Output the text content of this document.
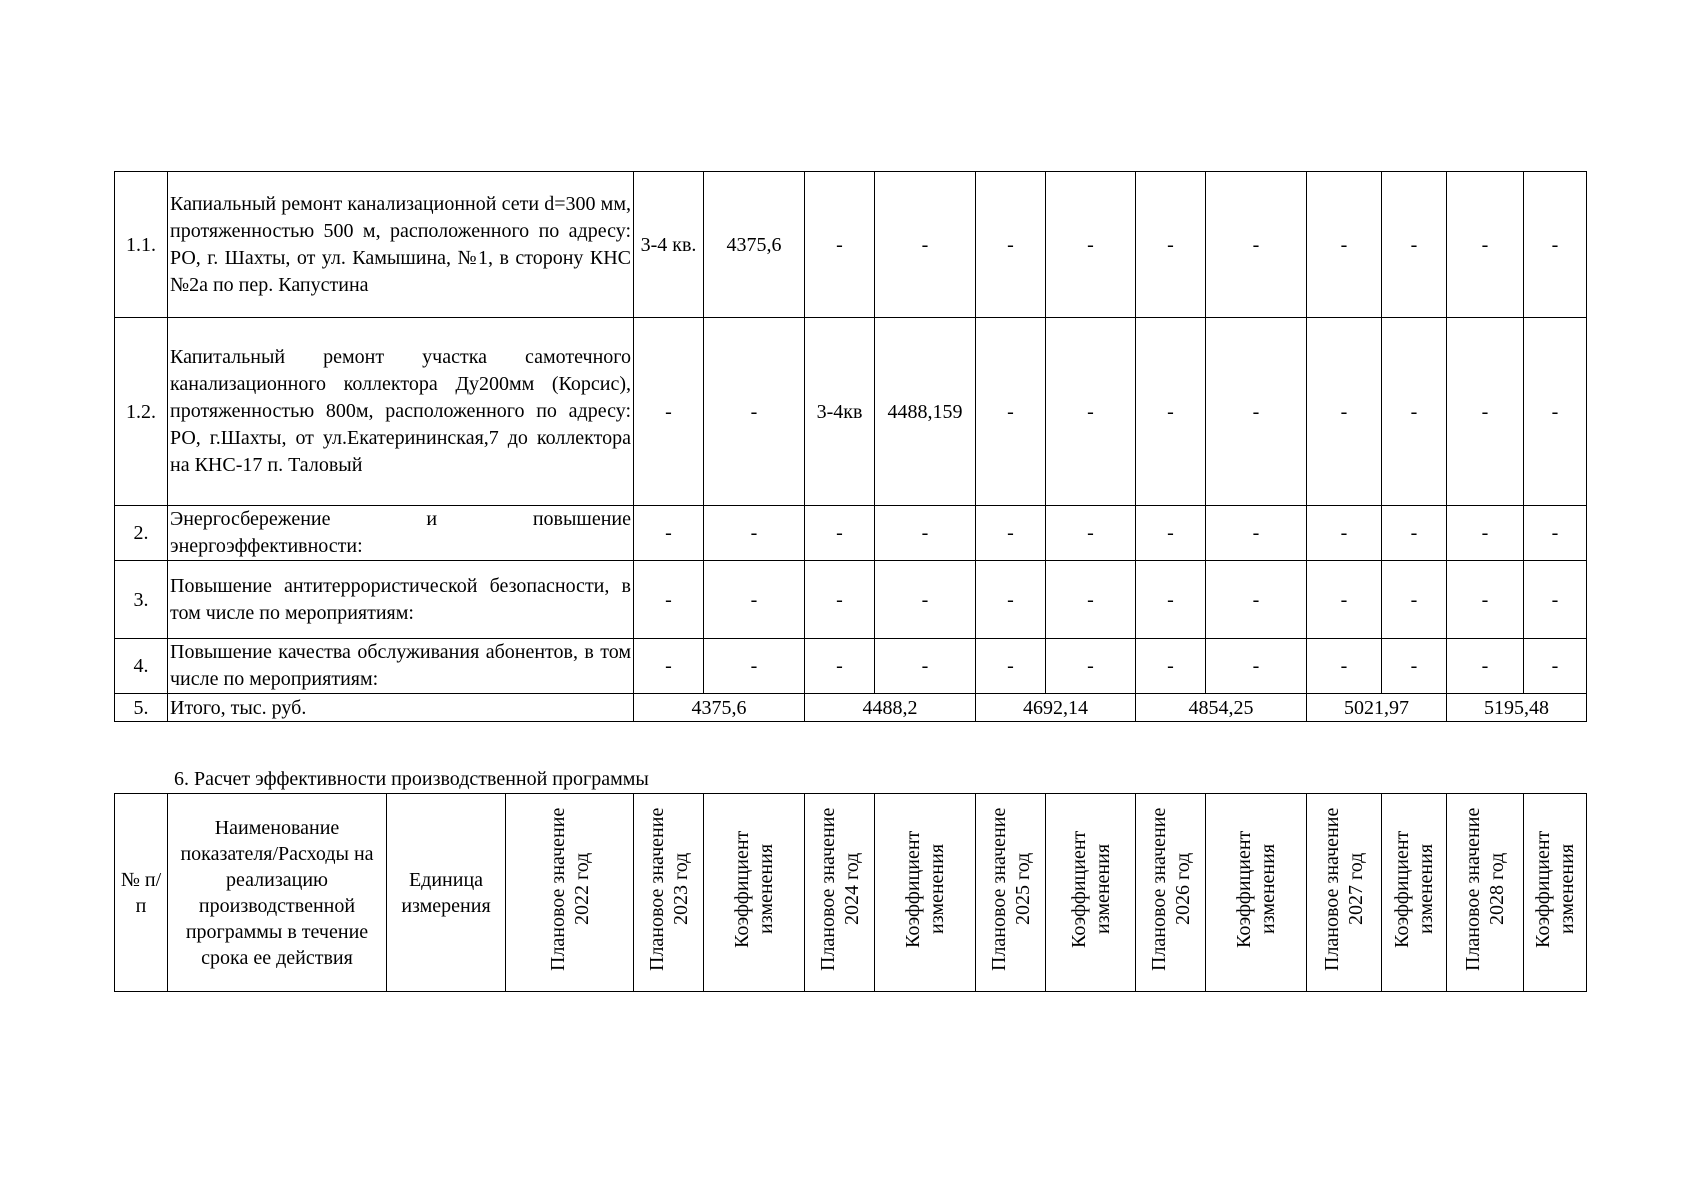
1.1.	Капиальный ремонт канализационной сети d=300 мм, протяженностью 500 м, расположенного по адресу: РО, г. Шахты, от ул. Камышина, №1, в сторону КНС №2а по пер. Капустина	3-4 кв.	4375,6	-	-	-	-	-	-	-	-	-	-
1.2.	Капитальный ремонт участка самотечного канализационного коллектора Ду200мм (Корсис), протяженностью 800м, расположенного по адресу: РО, г.Шахты, от ул.Екатерининская,7 до коллектора на КНС-17 п. Таловый	-	-	3-4кв	4488,159	-	-	-	-	-	-	-	-
2.	Энергосбережение и повышение энергоэффективности:	-	-	-	-	-	-	-	-	-	-	-	-
3.	Повышение антитеррористической безопасности, в том числе по мероприятиям:	-	-	-	-	-	-	-	-	-	-	-	-
4.	Повышение качества обслуживания абонентов, в том числе по мероприятиям:	-	-	-	-	-	-	-	-	-	-	-	-
5.	Итого, тыс. руб.	4375,6		4488,2		4692,14		4854,25		5021,97		5195,48	

6. Расчет эффективности производственной программы

№ п/п	Наименование показателя/Расходы на реализацию производственной программы в течение срока ее действия	Единица измерения	Плановое значение 2022 год	Плановое значение 2023 год	Коэффициент изменения	Плановое значение 2024 год	Коэффициент изменения	Плановое значение 2025 год	Коэффициент изменения	Плановое значение 2026 год	Коэффициент изменения	Плановое значение 2027 год	Коэффициент изменения	Плановое значение 2028 год	Коэффициент изменения
